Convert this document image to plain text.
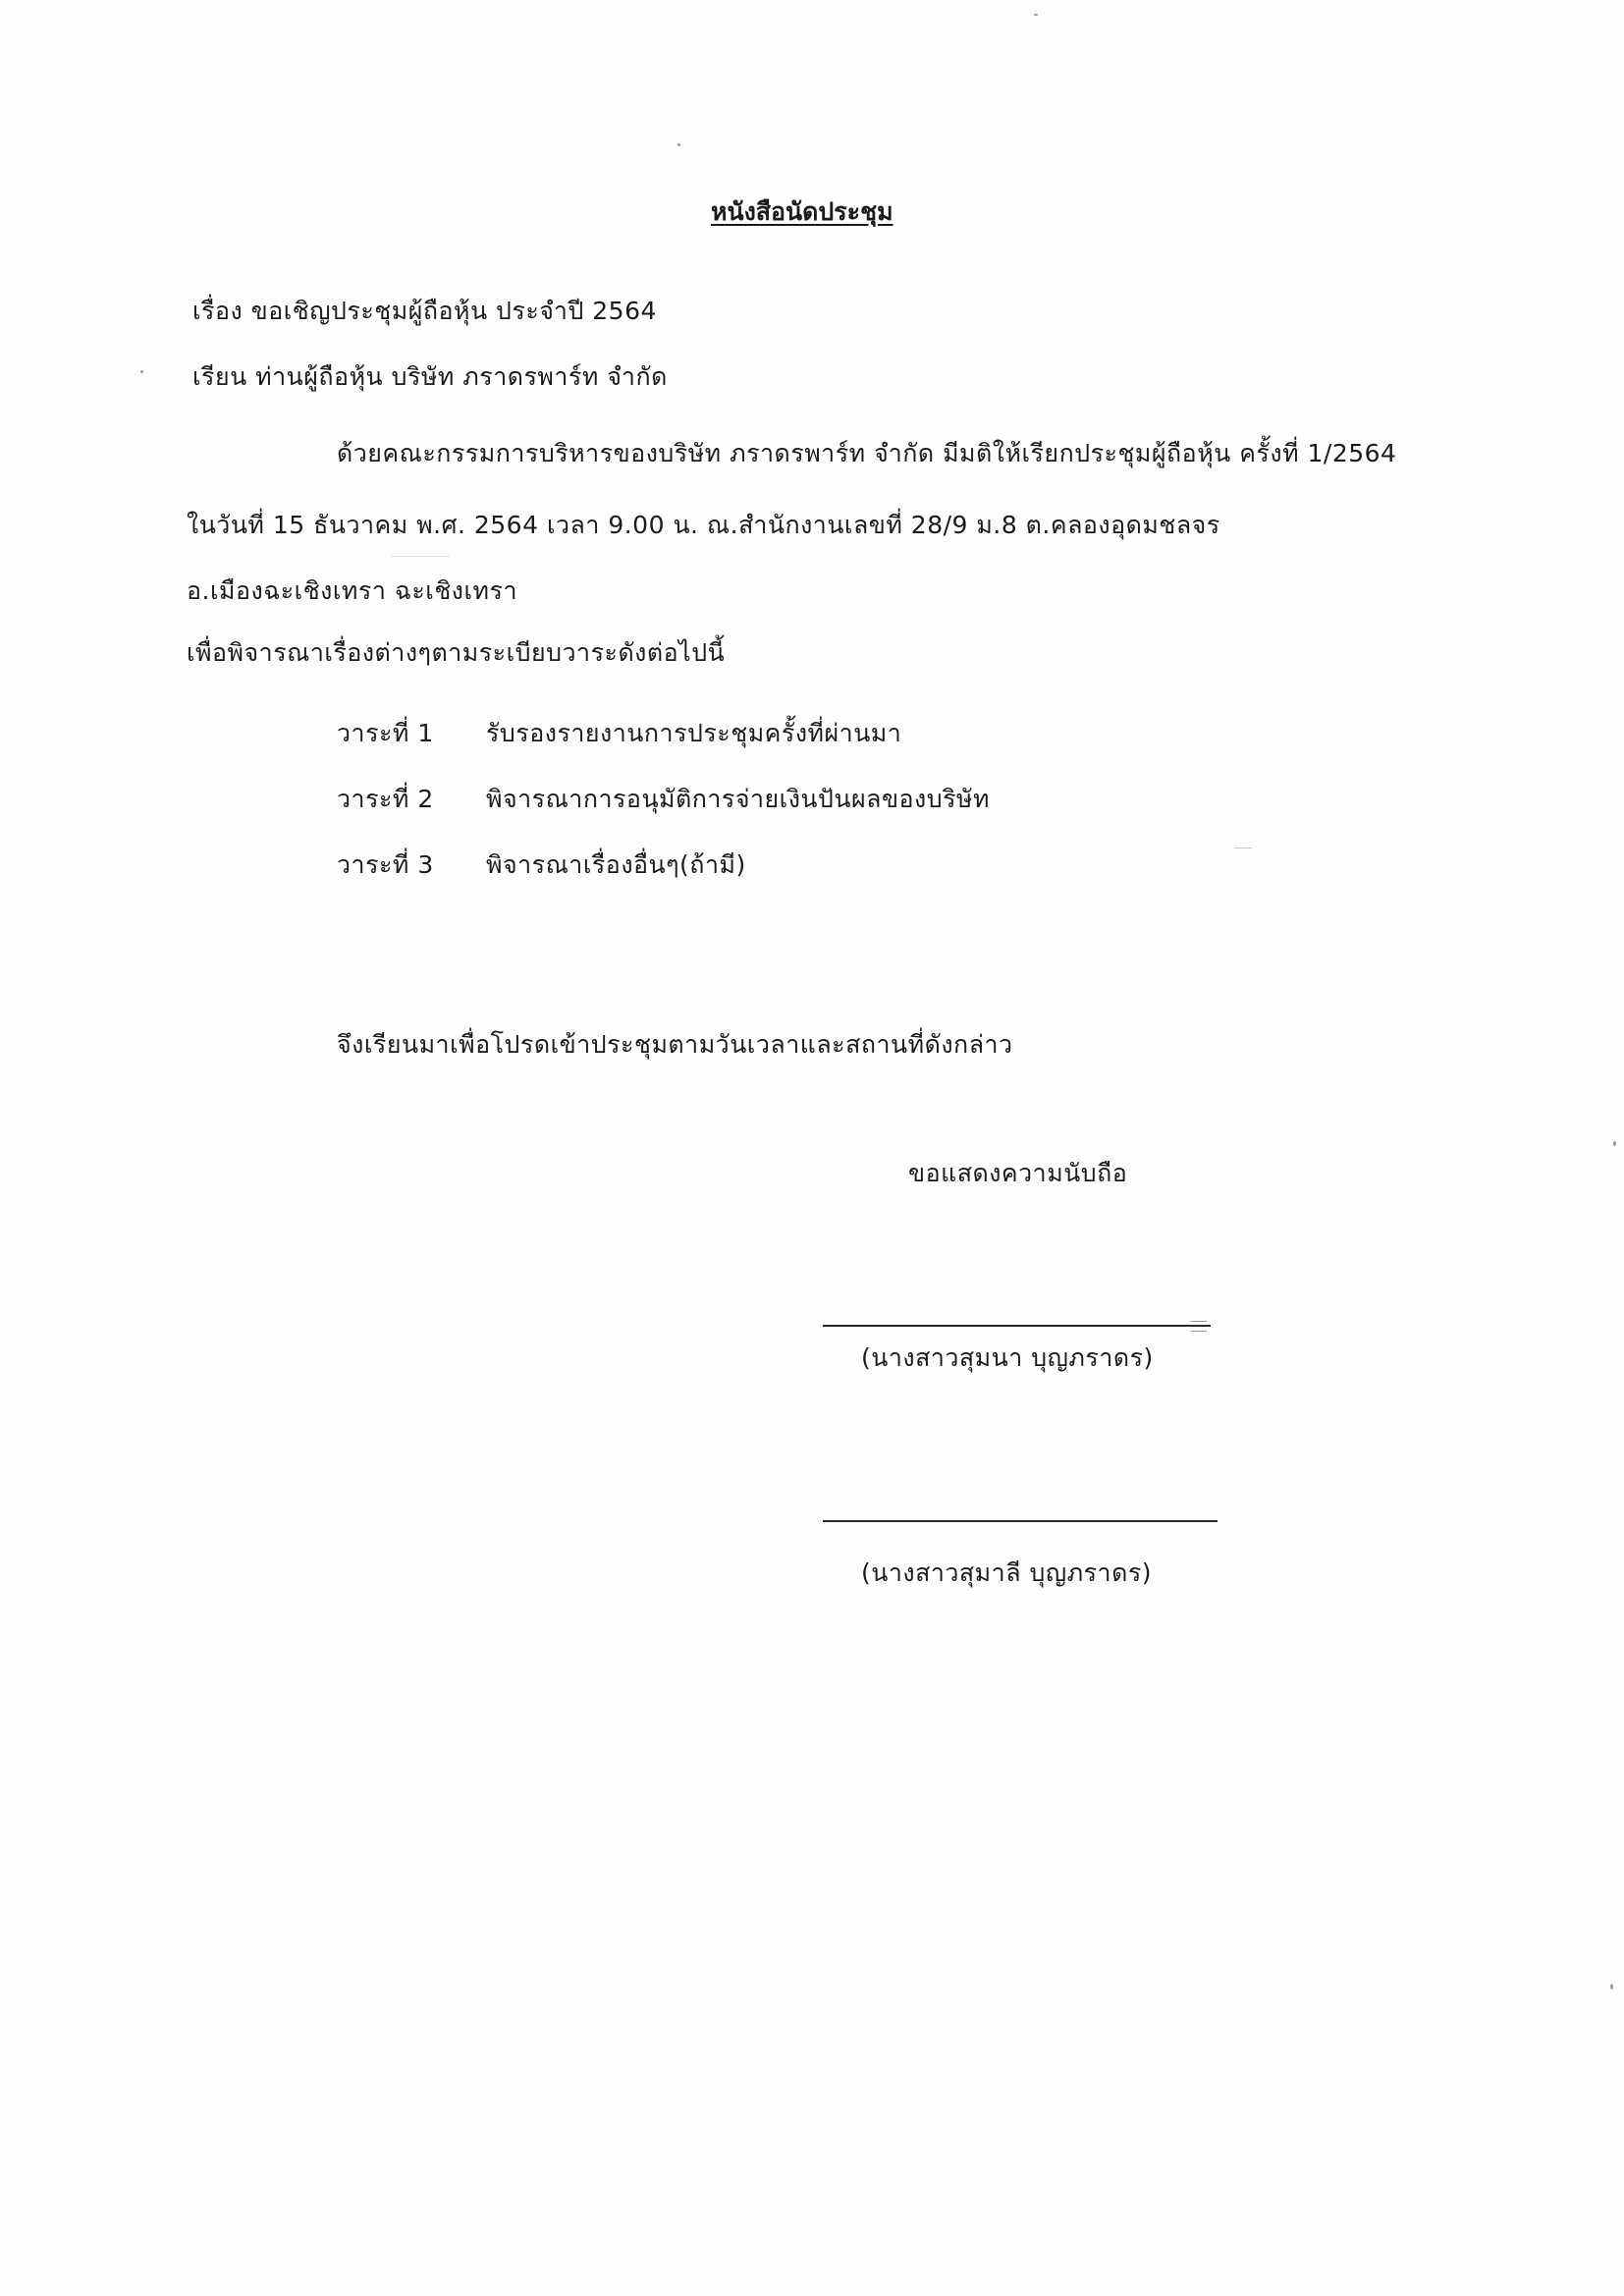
หนังสือนัดประชุม
เรื่อง ขอเชิญประชุมผู้ถือหุ้น ประจำปี 2564
เรียน ท่านผู้ถือหุ้น บริษัท ภราดรพาร์ท จำกัด
ด้วยคณะกรรมการบริหารของบริษัท ภราดรพาร์ท จำกัด มีมติให้เรียกประชุมผู้ถือหุ้น ครั้งที่ 1/2564
ในวันที่ 15 ธันวาคม พ.ศ. 2564 เวลา 9.00 น. ณ.สำนักงานเลขที่ 28/9 ม.8 ต.คลองอุดมชลจร
อ.เมืองฉะเชิงเทรา ฉะเชิงเทรา
เพื่อพิจารณาเรื่องต่างๆตามระเบียบวาระดังต่อไปนี้
วาระที่ 1 รับรองรายงานการประชุมครั้งที่ผ่านมา
วาระที่ 2 พิจารณาการอนุมัติการจ่ายเงินปันผลของบริษัท
วาระที่ 3 พิจารณาเรื่องอื่นๆ(ถ้ามี)
จึงเรียนมาเพื่อโปรดเข้าประชุมตามวันเวลาและสถานที่ดังกล่าว
ขอแสดงความนับถือ
(นางสาวสุมนา บุญภราดร)
(นางสาวสุมาลี บุญภราดร)
